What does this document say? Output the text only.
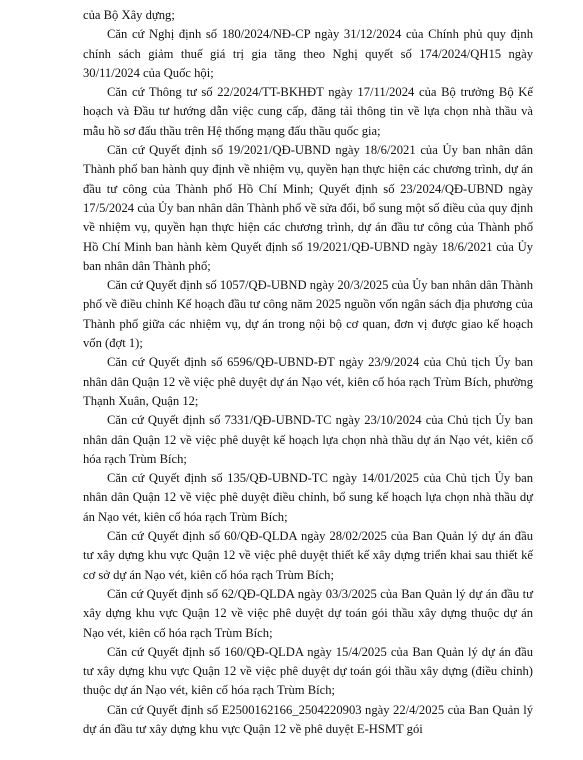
của Bộ Xây dựng;

Căn cứ Nghị định số 180/2024/NĐ-CP ngày 31/12/2024 của Chính phủ quy định chính sách giảm thuế giá trị gia tăng theo Nghị quyết số 174/2024/QH15 ngày 30/11/2024 của Quốc hội;

Căn cứ Thông tư số 22/2024/TT-BKHĐT ngày 17/11/2024 của Bộ trưởng Bộ Kế hoạch và Đầu tư hướng dẫn việc cung cấp, đăng tải thông tin về lựa chọn nhà thầu và mẫu hồ sơ đấu thầu trên Hệ thống mạng đấu thầu quốc gia;

Căn cứ Quyết định số 19/2021/QĐ-UBND ngày 18/6/2021 của Ủy ban nhân dân Thành phố ban hành quy định về nhiệm vụ, quyền hạn thực hiện các chương trình, dự án đầu tư công của Thành phố Hồ Chí Minh; Quyết định số 23/2024/QĐ-UBND ngày 17/5/2024 của Ủy ban nhân dân Thành phố về sửa đổi, bổ sung một số điều của quy định về nhiệm vụ, quyền hạn thực hiện các chương trình, dự án đầu tư công của Thành phố Hồ Chí Minh ban hành kèm Quyết định số 19/2021/QĐ-UBND ngày 18/6/2021 của Ủy ban nhân dân Thành phố;

Căn cứ Quyết định số 1057/QĐ-UBND ngày 20/3/2025 của Ủy ban nhân dân Thành phố về điều chỉnh Kế hoạch đầu tư công năm 2025 nguồn vốn ngân sách địa phương của Thành phố giữa các nhiệm vụ, dự án trong nội bộ cơ quan, đơn vị được giao kế hoạch vốn (đợt 1);

Căn cứ Quyết định số 6596/QĐ-UBND-ĐT ngày 23/9/2024 của Chủ tịch Ủy ban nhân dân Quận 12 về việc phê duyệt dự án Nạo vét, kiên cố hóa rạch Trùm Bích, phường Thạnh Xuân, Quận 12;

Căn cứ Quyết định số 7331/QĐ-UBND-TC ngày 23/10/2024 của Chủ tịch Ủy ban nhân dân Quận 12 về việc phê duyệt kế hoạch lựa chọn nhà thầu dự án Nạo vét, kiên cố hóa rạch Trùm Bích;

Căn cứ Quyết định số 135/QĐ-UBND-TC ngày 14/01/2025 của Chủ tịch Ủy ban nhân dân Quận 12 về việc phê duyệt điều chỉnh, bổ sung kế hoạch lựa chọn nhà thầu dự án Nạo vét, kiên cố hóa rạch Trùm Bích;

Căn cứ Quyết định số 60/QĐ-QLDA ngày 28/02/2025 của Ban Quản lý dự án đầu tư xây dựng khu vực Quận 12 về việc phê duyệt thiết kế xây dựng triển khai sau thiết kế cơ sở dự án Nạo vét, kiên cố hóa rạch Trùm Bích;

Căn cứ Quyết định số 62/QĐ-QLDA ngày 03/3/2025 của Ban Quản lý dự án đầu tư xây dựng khu vực Quận 12 về việc phê duyệt dự toán gói thầu xây dựng thuộc dự án Nạo vét, kiên cố hóa rạch Trùm Bích;

Căn cứ Quyết định số 160/QĐ-QLDA ngày 15/4/2025 của Ban Quản lý dự án đầu tư xây dựng khu vực Quận 12 về việc phê duyệt dự toán gói thầu xây dựng (điều chỉnh) thuộc dự án Nạo vét, kiên cố hóa rạch Trùm Bích;

Căn cứ Quyết định số E2500162166_2504220903 ngày 22/4/2025 của Ban Quản lý dự án đầu tư xây dựng khu vực Quận 12 về phê duyệt E-HSMT gói
